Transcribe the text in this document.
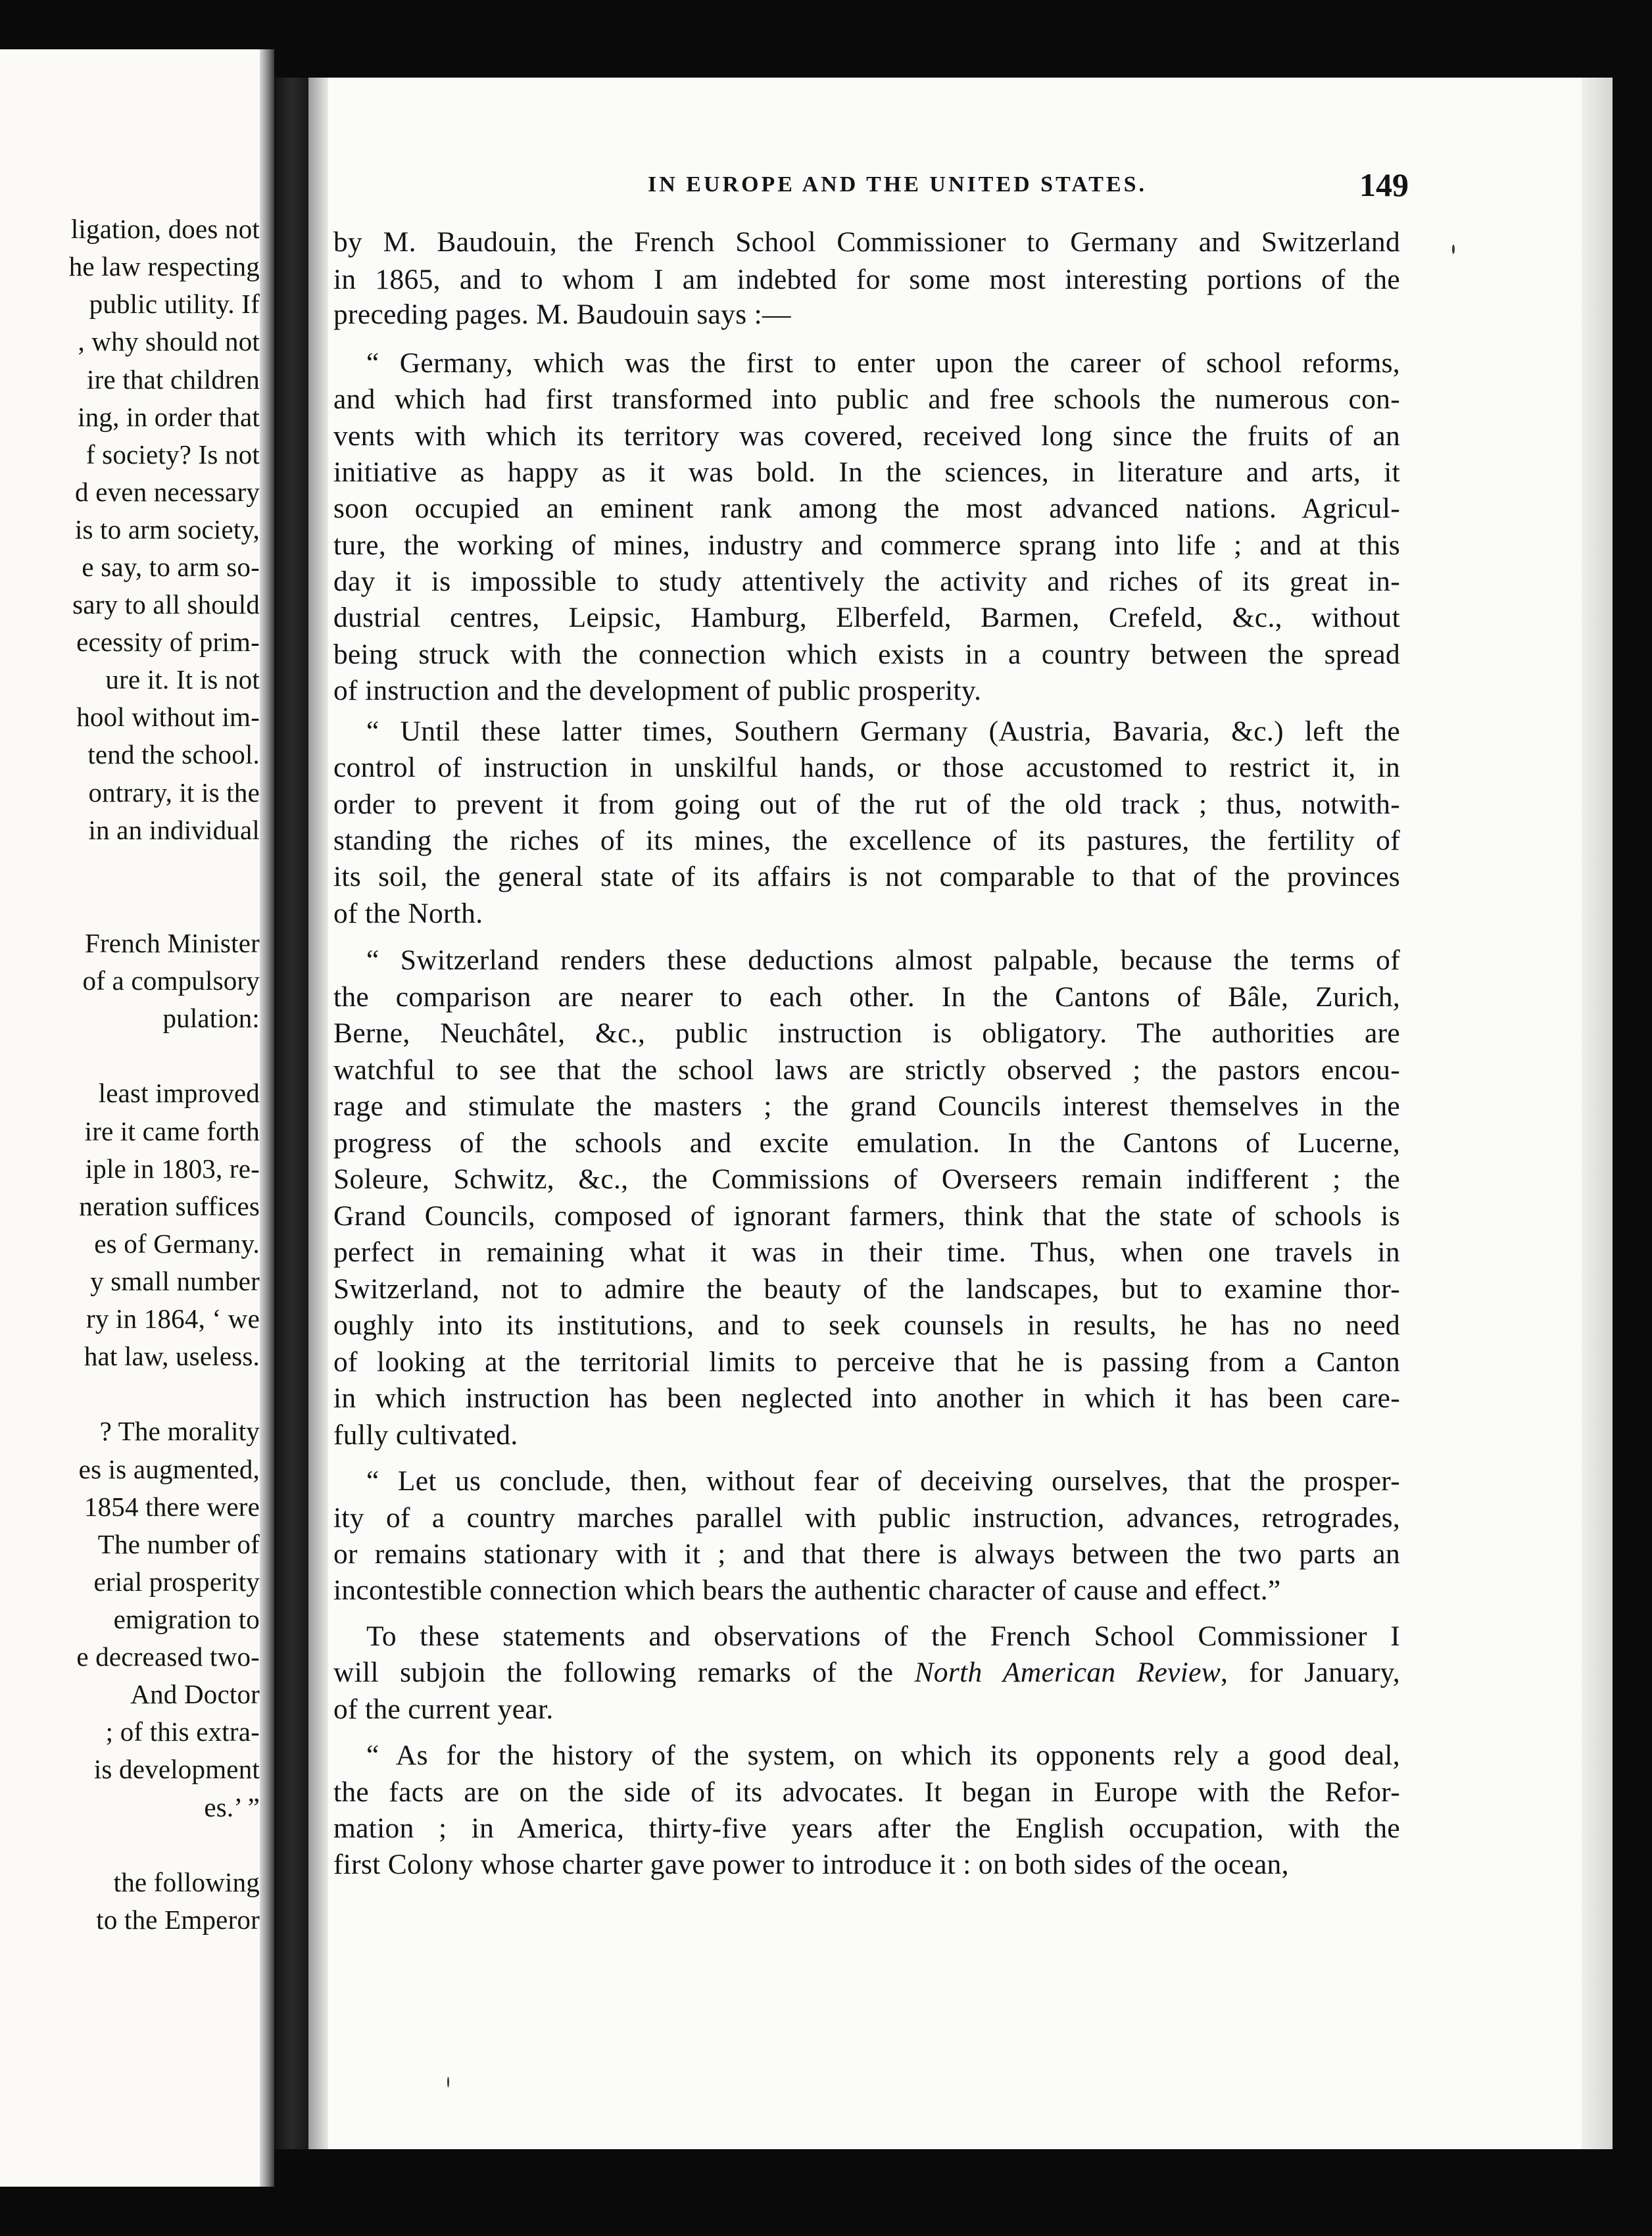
ligation, does not
he law respecting
public utility. If
, why should not
ire that children
ing, in order that
f society? Is not
d even necessary
is to arm society,
e say, to arm so-
sary to all should
ecessity of prim-
ure it. It is not
hool without im-
tend the school.
ontrary, it is the
in an individual
French Minister
of a compulsory
pulation:
least improved
ire it came forth
iple in 1803, re-
neration suffices
es of Germany.
y small number
ry in 1864, ‘ we
hat law, useless.
? The morality
es is augmented,
1854 there were
The number of
erial prosperity
emigration to
e decreased two-
And Doctor
; of this extra-
is development
es.’ ”
the following
to the Emperor
IN EUROPE AND THE UNITED STATES.	149
by M. Baudouin, the French School Commissioner to Germany and Switzerland
in 1865, and to whom I am indebted for some most interesting portions of the
preceding pages. M. Baudouin says :—
“ Germany, which was the first to enter upon the career of school reforms,
and which had first transformed into public and free schools the numerous con-
vents with which its territory was covered, received long since the fruits of an
initiative as happy as it was bold. In the sciences, in literature and arts, it
soon occupied an eminent rank among the most advanced nations. Agricul-
ture, the working of mines, industry and commerce sprang into life ; and at this
day it is impossible to study attentively the activity and riches of its great in-
dustrial centres, Leipsic, Hamburg, Elberfeld, Barmen, Crefeld, &c., without
being struck with the connection which exists in a country between the spread
of instruction and the development of public prosperity.
“ Until these latter times, Southern Germany (Austria, Bavaria, &c.) left the
control of instruction in unskilful hands, or those accustomed to restrict it, in
order to prevent it from going out of the rut of the old track ; thus, notwith-
standing the riches of its mines, the excellence of its pastures, the fertility of
its soil, the general state of its affairs is not comparable to that of the provinces
of the North.
“ Switzerland renders these deductions almost palpable, because the terms of
the comparison are nearer to each other. In the Cantons of Bâle, Zurich,
Berne, Neuchâtel, &c., public instruction is obligatory. The authorities are
watchful to see that the school laws are strictly observed ; the pastors encou-
rage and stimulate the masters ; the grand Councils interest themselves in the
progress of the schools and excite emulation. In the Cantons of Lucerne,
Soleure, Schwitz, &c., the Commissions of Overseers remain indifferent ; the
Grand Councils, composed of ignorant farmers, think that the state of schools is
perfect in remaining what it was in their time. Thus, when one travels in
Switzerland, not to admire the beauty of the landscapes, but to examine thor-
oughly into its institutions, and to seek counsels in results, he has no need
of looking at the territorial limits to perceive that he is passing from a Canton
in which instruction has been neglected into another in which it has been care-
fully cultivated.
“ Let us conclude, then, without fear of deceiving ourselves, that the prosper-
ity of a country marches parallel with public instruction, advances, retrogrades,
or remains stationary with it ; and that there is always between the two parts an
incontestible connection which bears the authentic character of cause and effect.”
To these statements and observations of the French School Commissioner I
will subjoin the following remarks of the North American Review, for January,
of the current year.
“ As for the history of the system, on which its opponents rely a good deal,
the facts are on the side of its advocates. It began in Europe with the Refor-
mation ; in America, thirty-five years after the English occupation, with the
first Colony whose charter gave power to introduce it : on both sides of the ocean,
